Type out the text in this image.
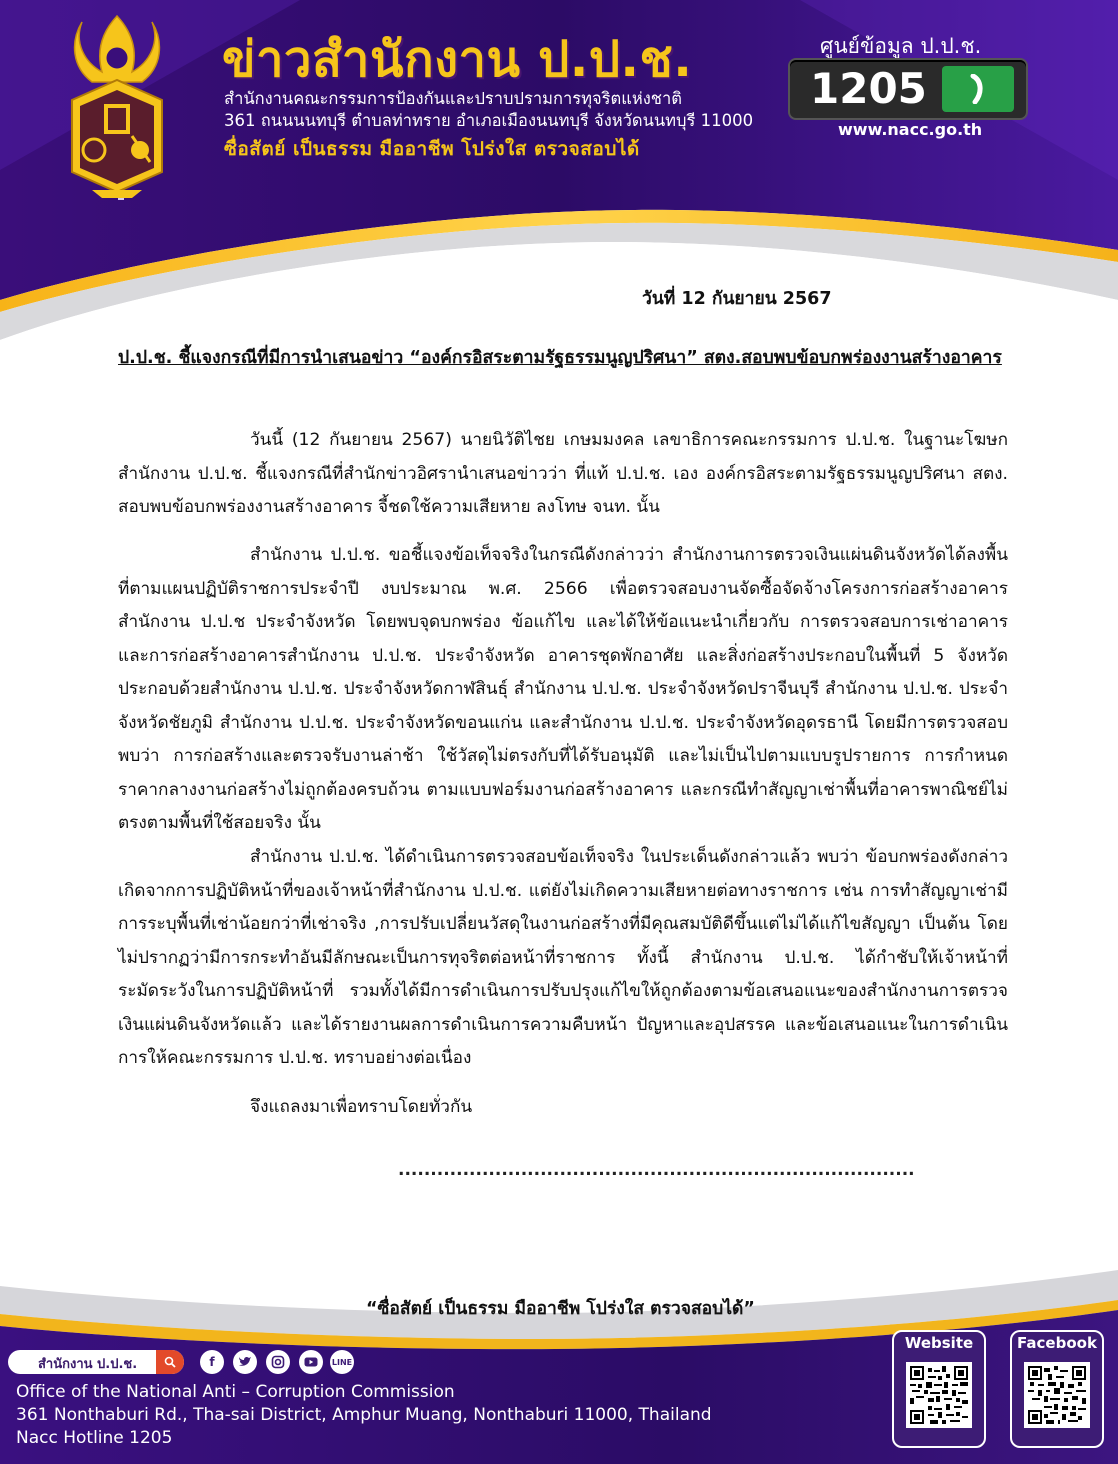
ข่าวสำนักงาน ป.ป.ช.
สำนักงานคณะกรรมการป้องกันและปราบปรามการทุจริตแห่งชาติ
361 ถนนนนทบุรี ตำบลท่าทราย อำเภอเมืองนนทบุรี จังหวัดนนทบุรี 11000
ซื่อสัตย์ เป็นธรรม มืออาชีพ โปร่งใส ตรวจสอบได้
ศูนย์ข้อมูล ป.ป.ช.
1205
www.nacc.go.th
วันที่ 12 กันยายน 2567
ป.ป.ช. ชี้แจงกรณีที่มีการนำเสนอข่าว “องค์กรอิสระตามรัฐธรรมนูญปริศนา” สตง.สอบพบข้อบกพร่องงานสร้างอาคาร
วันนี้ (12 กันยายน 2567) นายนิวัติไชย เกษมมงคล เลขาธิการคณะกรรมการ ป.ป.ช. ในฐานะโฆษกสำนักงาน ป.ป.ช. ชี้แจงกรณีที่สำนักข่าวอิศรานำเสนอข่าวว่า ที่แท้ ป.ป.ช. เอง องค์กรอิสระตามรัฐธรรมนูญปริศนา สตง. สอบพบข้อบกพร่องงานสร้างอาคาร จี้ชดใช้ความเสียหาย ลงโทษ จนท. นั้น
สำนักงาน ป.ป.ช. ขอชี้แจงข้อเท็จจริงในกรณีดังกล่าวว่า สำนักงานการตรวจเงินแผ่นดินจังหวัดได้ลงพื้นที่ตามแผนปฏิบัติราชการประจำปี งบประมาณ พ.ศ. 2566 เพื่อตรวจสอบงานจัดซื้อจัดจ้างโครงการก่อสร้างอาคารสำนักงาน ป.ป.ช ประจำจังหวัด โดยพบจุดบกพร่อง ข้อแก้ไข และได้ให้ข้อแนะนำเกี่ยวกับ การตรวจสอบการเช่าอาคาร และการก่อสร้างอาคารสำนักงาน ป.ป.ช. ประจำจังหวัด อาคารชุดพักอาศัย และสิ่งก่อสร้างประกอบในพื้นที่ 5 จังหวัด ประกอบด้วยสำนักงาน ป.ป.ช. ประจำจังหวัดกาฬสินธุ์ สำนักงาน ป.ป.ช. ประจำจังหวัดปราจีนบุรี สำนักงาน ป.ป.ช. ประจำจังหวัดชัยภูมิ สำนักงาน ป.ป.ช. ประจำจังหวัดขอนแก่น และสำนักงาน ป.ป.ช. ประจำจังหวัดอุดรธานี โดยมีการตรวจสอบพบว่า การก่อสร้างและตรวจรับงานล่าช้า ใช้วัสดุไม่ตรงกับที่ได้รับอนุมัติ และไม่เป็นไปตามแบบรูปรายการ การกำหนดราคากลางงานก่อสร้างไม่ถูกต้องครบถ้วน ตามแบบฟอร์มงานก่อสร้างอาคาร และกรณีทำสัญญาเช่าพื้นที่อาคารพาณิชย์ไม่ตรงตามพื้นที่ใช้สอยจริง นั้น
สำนักงาน ป.ป.ช. ได้ดำเนินการตรวจสอบข้อเท็จจริง ในประเด็นดังกล่าวแล้ว พบว่า ข้อบกพร่องดังกล่าวเกิดจากการปฏิบัติหน้าที่ของเจ้าหน้าที่สำนักงาน ป.ป.ช. แต่ยังไม่เกิดความเสียหายต่อทางราชการ เช่น การทำสัญญาเช่ามีการระบุพื้นที่เช่าน้อยกว่าที่เช่าจริง ,การปรับเปลี่ยนวัสดุในงานก่อสร้างที่มีคุณสมบัติดีขึ้นแต่ไม่ได้แก้ไขสัญญา เป็นต้น โดยไม่ปรากฏว่ามีการกระทำอันมีลักษณะเป็นการทุจริตต่อหน้าที่ราชการ ทั้งนี้ สำนักงาน ป.ป.ช. ได้กำชับให้เจ้าหน้าที่ระมัดระวังในการปฏิบัติหน้าที่ รวมทั้งได้มีการดำเนินการปรับปรุงแก้ไขให้ถูกต้องตามข้อเสนอแนะของสำนักงานการตรวจเงินแผ่นดินจังหวัดแล้ว และได้รายงานผลการดำเนินการความคืบหน้า ปัญหาและอุปสรรค และข้อเสนอแนะในการดำเนินการให้คณะกรรมการ ป.ป.ช. ทราบอย่างต่อเนื่อง
จึงแถลงมาเพื่อทราบโดยทั่วกัน
................................................................................
“ซื่อสัตย์ เป็นธรรม มืออาชีพ โปร่งใส ตรวจสอบได้”
สำนักงาน ป.ป.ช.	f	LINE
Office of the National Anti – Corruption Commission
361 Nonthaburi Rd., Tha-sai District, Amphur Muang, Nonthaburi 11000, Thailand
Nacc Hotline 1205
Website	Facebook
